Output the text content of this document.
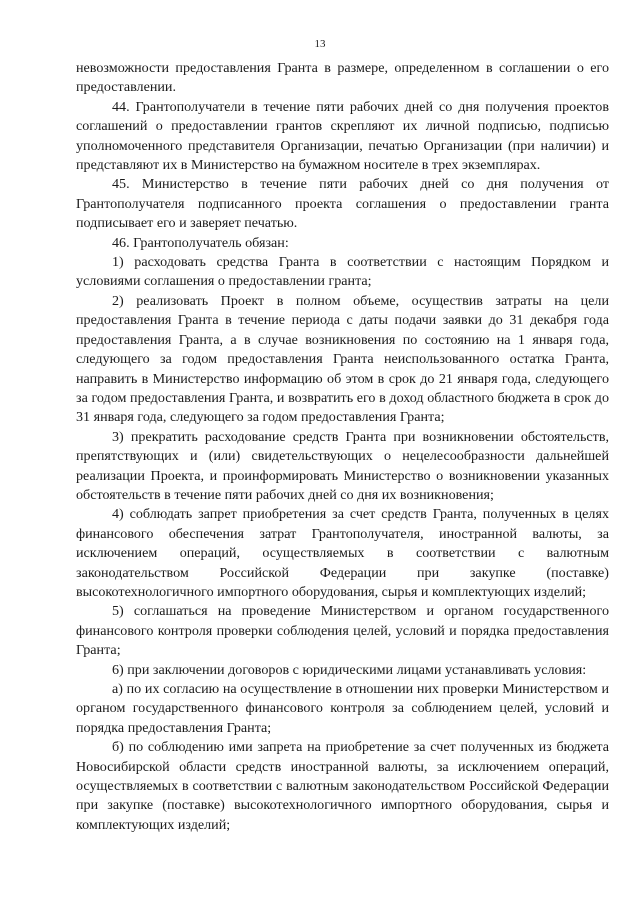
13

невозможности предоставления Гранта в размере, определенном в соглашении о его предоставлении.

44. Грантополучатели в течение пяти рабочих дней со дня получения проектов соглашений о предоставлении грантов скрепляют их личной подписью, подписью уполномоченного представителя Организации, печатью Организации (при наличии) и представляют их в Министерство на бумажном носителе в трех экземплярах.

45. Министерство в течение пяти рабочих дней со дня получения от Грантополучателя подписанного проекта соглашения о предоставлении гранта подписывает его и заверяет печатью.

46. Грантополучатель обязан:

1) расходовать средства Гранта в соответствии с настоящим Порядком и условиями соглашения о предоставлении гранта;

2) реализовать Проект в полном объеме, осуществив затраты на цели предоставления Гранта в течение периода с даты подачи заявки до 31 декабря года предоставления Гранта, а в случае возникновения по состоянию на 1 января года, следующего за годом предоставления Гранта неиспользованного остатка Гранта, направить в Министерство информацию об этом в срок до 21 января года, следующего за годом предоставления Гранта, и возвратить его в доход областного бюджета в срок до 31 января года, следующего за годом предоставления Гранта;

3) прекратить расходование средств Гранта при возникновении обстоятельств, препятствующих и (или) свидетельствующих о нецелесообразности дальнейшей реализации Проекта, и проинформировать Министерство о возникновении указанных обстоятельств в течение пяти рабочих дней со дня их возникновения;

4) соблюдать запрет приобретения за счет средств Гранта, полученных в целях финансового обеспечения затрат Грантополучателя, иностранной валюты, за исключением операций, осуществляемых в соответствии с валютным законодательством Российской Федерации при закупке (поставке) высокотехнологичного импортного оборудования, сырья и комплектующих изделий;

5) соглашаться на проведение Министерством и органом государственного финансового контроля проверки соблюдения целей, условий и порядка предоставления Гранта;

6) при заключении договоров с юридическими лицами устанавливать условия:

а) по их согласию на осуществление в отношении них проверки Министерством и органом государственного финансового контроля за соблюдением целей, условий и порядка предоставления Гранта;

б) по соблюдению ими запрета на приобретение за счет полученных из бюджета Новосибирской области средств иностранной валюты, за исключением операций, осуществляемых в соответствии с валютным законодательством Российской Федерации при закупке (поставке) высокотехнологичного импортного оборудования, сырья и комплектующих изделий;
